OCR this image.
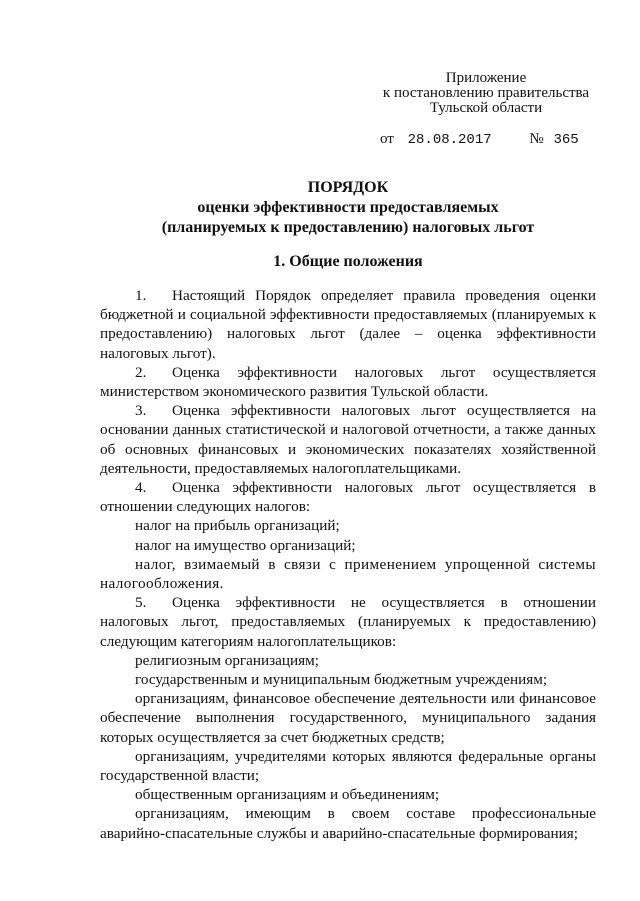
Приложение
к постановлению правительства
Тульской области
от 28.08.2017	№ 365
ПОРЯДОК
оценки эффективности предоставляемых
(планируемых к предоставлению) налоговых льгот
1. Общие положения

1. Настоящий Порядок определяет правила проведения оценки бюджетной и социальной эффективности предоставляемых (планируемых к предоставлению) налоговых льгот (далее – оценка эффективности налоговых льгот).

2. Оценка эффективности налоговых льгот осуществляется министерством экономического развития Тульской области.

3. Оценка эффективности налоговых льгот осуществляется на основании данных статистической и налоговой отчетности, а также данных об основных финансовых и экономических показателях хозяйственной деятельности, предоставляемых налогоплательщиками.

4. Оценка эффективности налоговых льгот осуществляется в отношении следующих налогов:

налог на прибыль организаций;

налог на имущество организаций;

налог, взимаемый в связи с применением упрощенной системы налогообложения.

5. Оценка эффективности не осуществляется в отношении налоговых льгот, предоставляемых (планируемых к предоставлению) следующим категориям налогоплательщиков:

религиозным организациям;

государственным и муниципальным бюджетным учреждениям;

организациям, финансовое обеспечение деятельности или финансовое обеспечение выполнения государственного, муниципального задания которых осуществляется за счет бюджетных средств;

организациям, учредителями которых являются федеральные органы государственной власти;

общественным организациям и объединениям;

организациям, имеющим в своем составе профессиональные аварийно-спасательные службы и аварийно-спасательные формирования;
